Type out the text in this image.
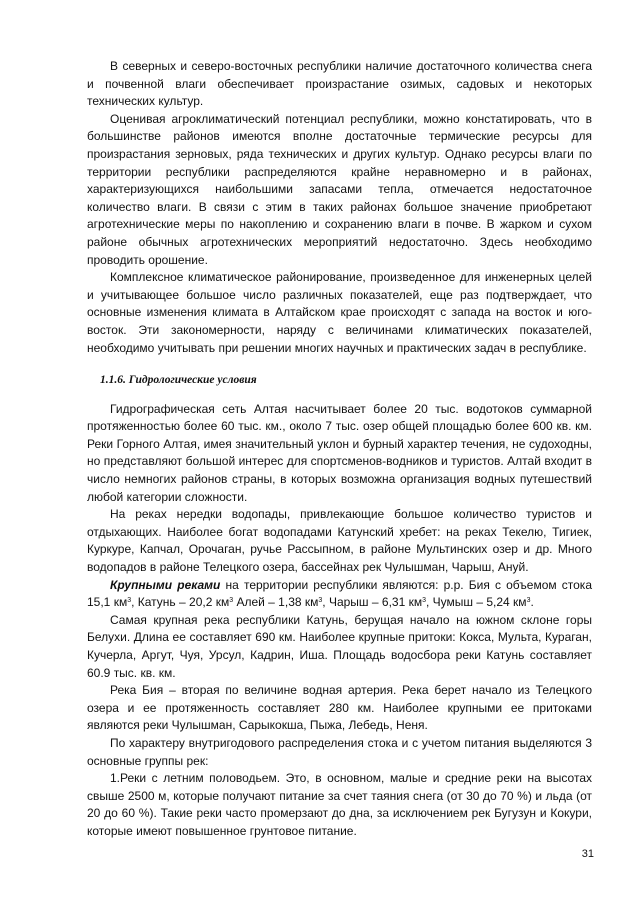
В северных и северо-восточных республики наличие достаточного количества снега и почвенной влаги обеспечивает произрастание озимых, садовых и некоторых технических культур.

Оценивая агроклиматический потенциал республики, можно констатировать, что в большинстве районов имеются вполне достаточные термические ресурсы для произрастания зерновых, ряда технических и других культур. Однако ресурсы влаги по территории республики распределяются крайне неравномерно и в районах, характеризующихся наибольшими запасами тепла, отмечается недостаточное количество влаги. В связи с этим в таких районах большое значение приобретают агротехнические меры по накоплению и сохранению влаги в почве. В жарком и сухом районе обычных агротехнических мероприятий недостаточно. Здесь необходимо проводить орошение.

Комплексное климатическое районирование, произведенное для инженерных целей и учитывающее большое число различных показателей, еще раз подтверждает, что основные изменения климата в Алтайском крае происходят с запада на восток и юго-восток. Эти закономерности, наряду с величинами климатических показателей, необходимо учитывать при решении многих научных и практических задач в республике.

1.1.6. Гидрологические условия

Гидрографическая сеть Алтая насчитывает более 20 тыс. водотоков суммарной протяженностью более 60 тыс. км., около 7 тыс. озер общей площадью более 600 кв. км. Реки Горного Алтая, имея значительный уклон и бурный характер течения, не судоходны, но представляют большой интерес для спортсменов-водников и туристов. Алтай входит в число немногих районов страны, в которых возможна организация водных путешествий любой категории сложности.

На реках нередки водопады, привлекающие большое количество туристов и отдыхающих. Наиболее богат водопадами Катунский хребет: на реках Текелю, Тигиек, Куркуре, Капчал, Орочаган, ручье Рассыпном, в районе Мультинских озер и др. Много водопадов в районе Телецкого озера, бассейнах рек Чулышман, Чарыш, Ануй.

Крупными реками на территории республики являются: р.р. Бия с объемом стока 15,1 $км^3$, Катунь – 20,2 $км^3$ Алей – 1,38 $км^3$, Чарыш – 6,31 $км^3$, Чумыш – 5,24 $км^3$.

Самая крупная река республики Катунь, берущая начало на южном склоне горы Белухи. Длина ее составляет 690 км. Наиболее крупные притоки: Кокса, Мульта, Кураган, Кучерла, Аргут, Чуя, Урсул, Кадрин, Иша. Площадь водосбора реки Катунь составляет 60.9 тыс. кв. км.

Река Бия – вторая по величине водная артерия. Река берет начало из Телецкого озера и ее протяженность составляет 280 км. Наиболее крупными ее притоками являются реки Чулышман, Сарыкокша, Пыжа, Лебедь, Неня.

По характеру внутригодового распределения стока и с учетом питания выделяются 3 основные группы рек:

1.Реки с летним половодьем. Это, в основном, малые и средние реки на высотах свыше 2500 м, которые получают питание за счет таяния снега (от 30 до 70 %) и льда (от 20 до 60 %). Такие реки часто промерзают до дна, за исключением рек Бугузун и Кокури, которые имеют повышенное грунтовое питание.

31
